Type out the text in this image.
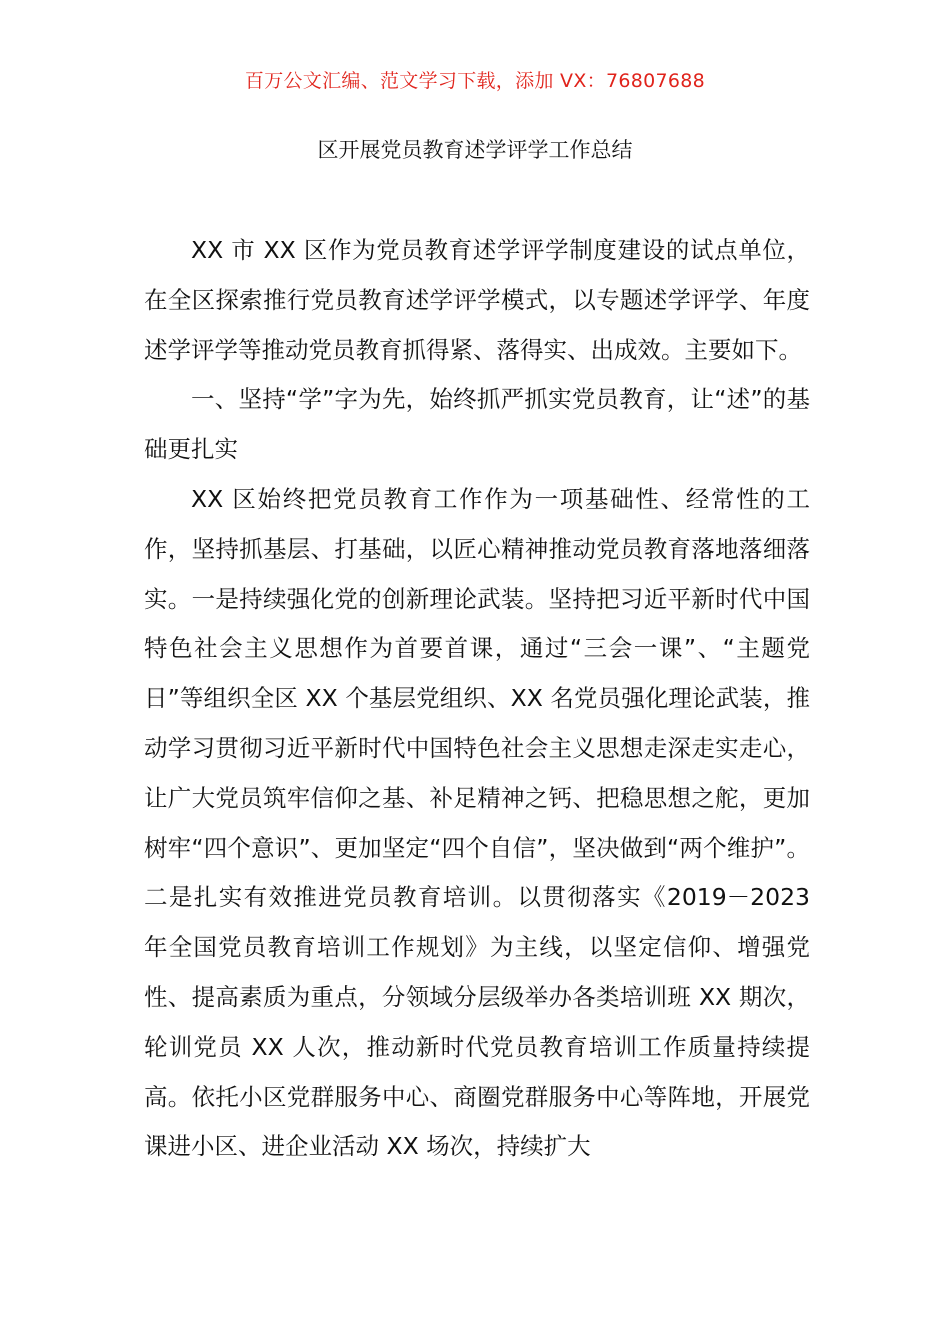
百万公文汇编、范文学习下载，添加 VX：76807688
区开展党员教育述学评学工作总结

XX 市 XX 区作为党员教育述学评学制度建设的试点单位，在全区探索推行党员教育述学评学模式，以专题述学评学、年度述学评学等推动党员教育抓得紧、落得实、出成效。主要如下。

一、坚持“学”字为先，始终抓严抓实党员教育，让“述”的基础更扎实

XX 区始终把党员教育工作作为一项基础性、经常性的工作，坚持抓基层、打基础，以匠心精神推动党员教育落地落细落实。一是持续强化党的创新理论武装。坚持把习近平新时代中国特色社会主义思想作为首要首课，通过“三会一课”、“主题党日”等组织全区 XX 个基层党组织、XX 名党员强化理论武装，推动学习贯彻习近平新时代中国特色社会主义思想走深走实走心，让广大党员筑牢信仰之基、补足精神之钙、把稳思想之舵，更加树牢“四个意识”、更加坚定“四个自信”，坚决做到“两个维护”。二是扎实有效推进党员教育培训。以贯彻落实《2019－2023 年全国党员教育培训工作规划》为主线，以坚定信仰、增强党性、提高素质为重点，分领域分层级举办各类培训班 XX 期次，轮训党员 XX 人次，推动新时代党员教育培训工作质量持续提高。依托小区党群服务中心、商圈党群服务中心等阵地，开展党课进小区、进企业活动 XX 场次，持续扩大
